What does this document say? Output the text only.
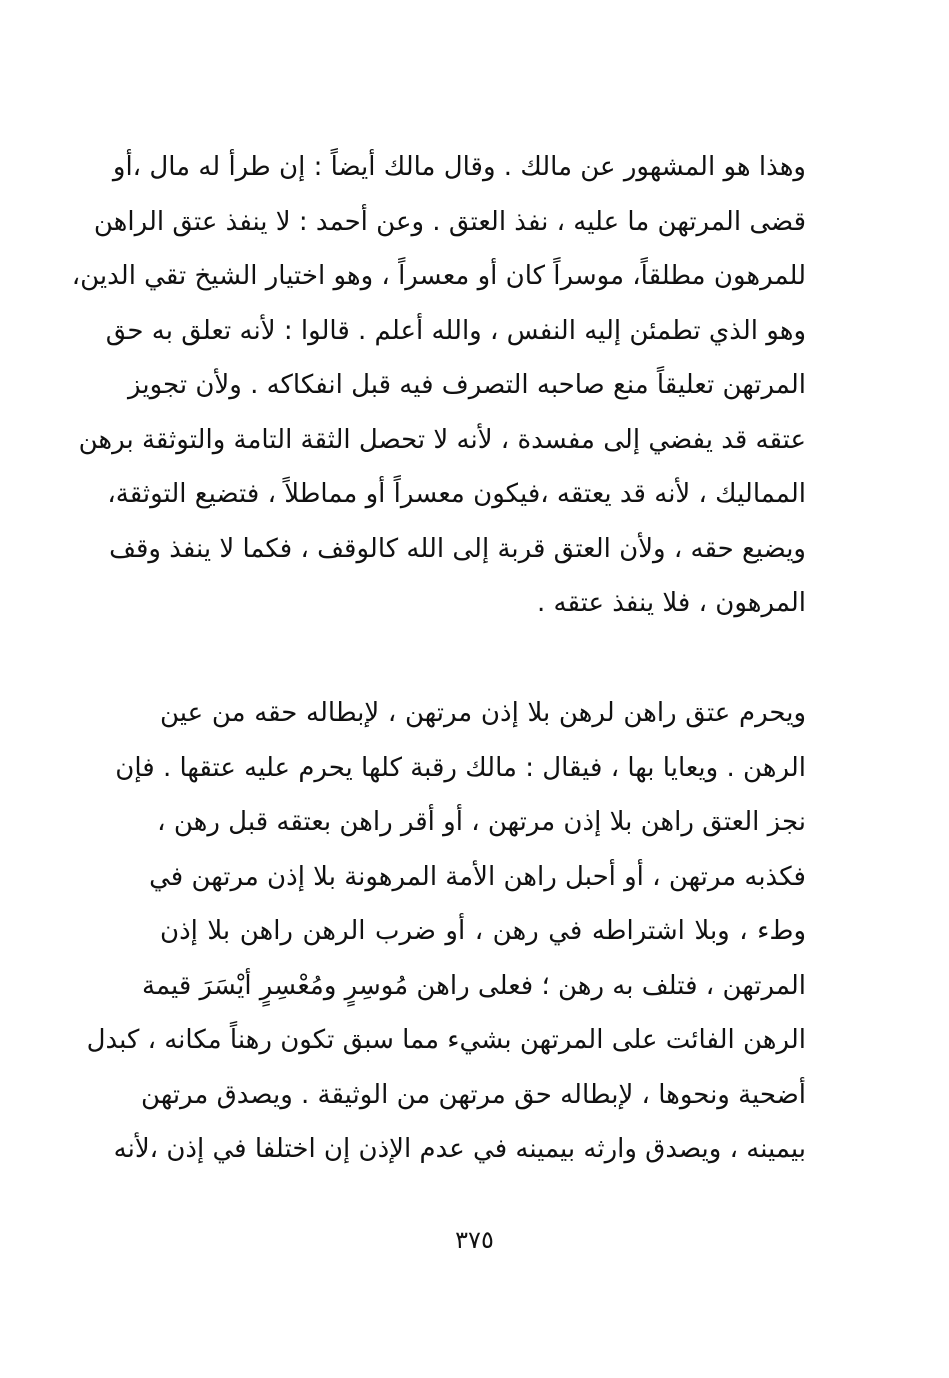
وهذا هو المشهور عن مالك . وقال مالك أيضاً : إن طرأ له مال ،أو
قضى المرتهن ما عليه ، نفذ العتق . وعن أحمد : لا ينفذ عتق الراهن
للمرهون مطلقاً، موسراً كان أو معسراً ، وهو اختيار الشيخ تقي الدين،
وهو الذي تطمئن إليه النفس ، والله أعلم . قالوا : لأنه تعلق به حق
المرتهن تعليقاً منع صاحبه التصرف فيه قبل انفكاكه . ولأن تجويز
عتقه قد يفضي إلى مفسدة ، لأنه لا تحصل الثقة التامة والتوثقة برهن
المماليك ، لأنه قد يعتقه ،فيكون معسراً أو مماطلاً ، فتضيع التوثقة،
ويضيع حقه ، ولأن العتق قربة إلى الله كالوقف ، فكما لا ينفذ وقف
المرهون ، فلا ينفذ عتقه .
ويحرم عتق راهن لرهن بلا إذن مرتهن ، لإبطاله حقه من عين
الرهن . ويعايا بها ، فيقال : مالك رقبة كلها يحرم عليه عتقها . فإن
نجز العتق راهن بلا إذن مرتهن ، أو أقر راهن بعتقه قبل رهن ،
فكذبه مرتهن ، أو أحبل راهن الأمة المرهونة بلا إذن مرتهن في
وطء ، وبلا اشتراطه في رهن ، أو ضرب الرهن راهن بلا إذن
المرتهن ، فتلف به رهن ؛ فعلى راهن مُوسِرٍ ومُعْسِرٍ أيْسَرَ قيمة
الرهن الفائت على المرتهن بشيء مما سبق تكون رهناً مكانه ، كبدل
أضحية ونحوها ، لإبطاله حق مرتهن من الوثيقة . ويصدق مرتهن
بيمينه ، ويصدق وارثه بيمينه في عدم الإذن إن اختلفا في إذن ،لأنه
٣٧٥
